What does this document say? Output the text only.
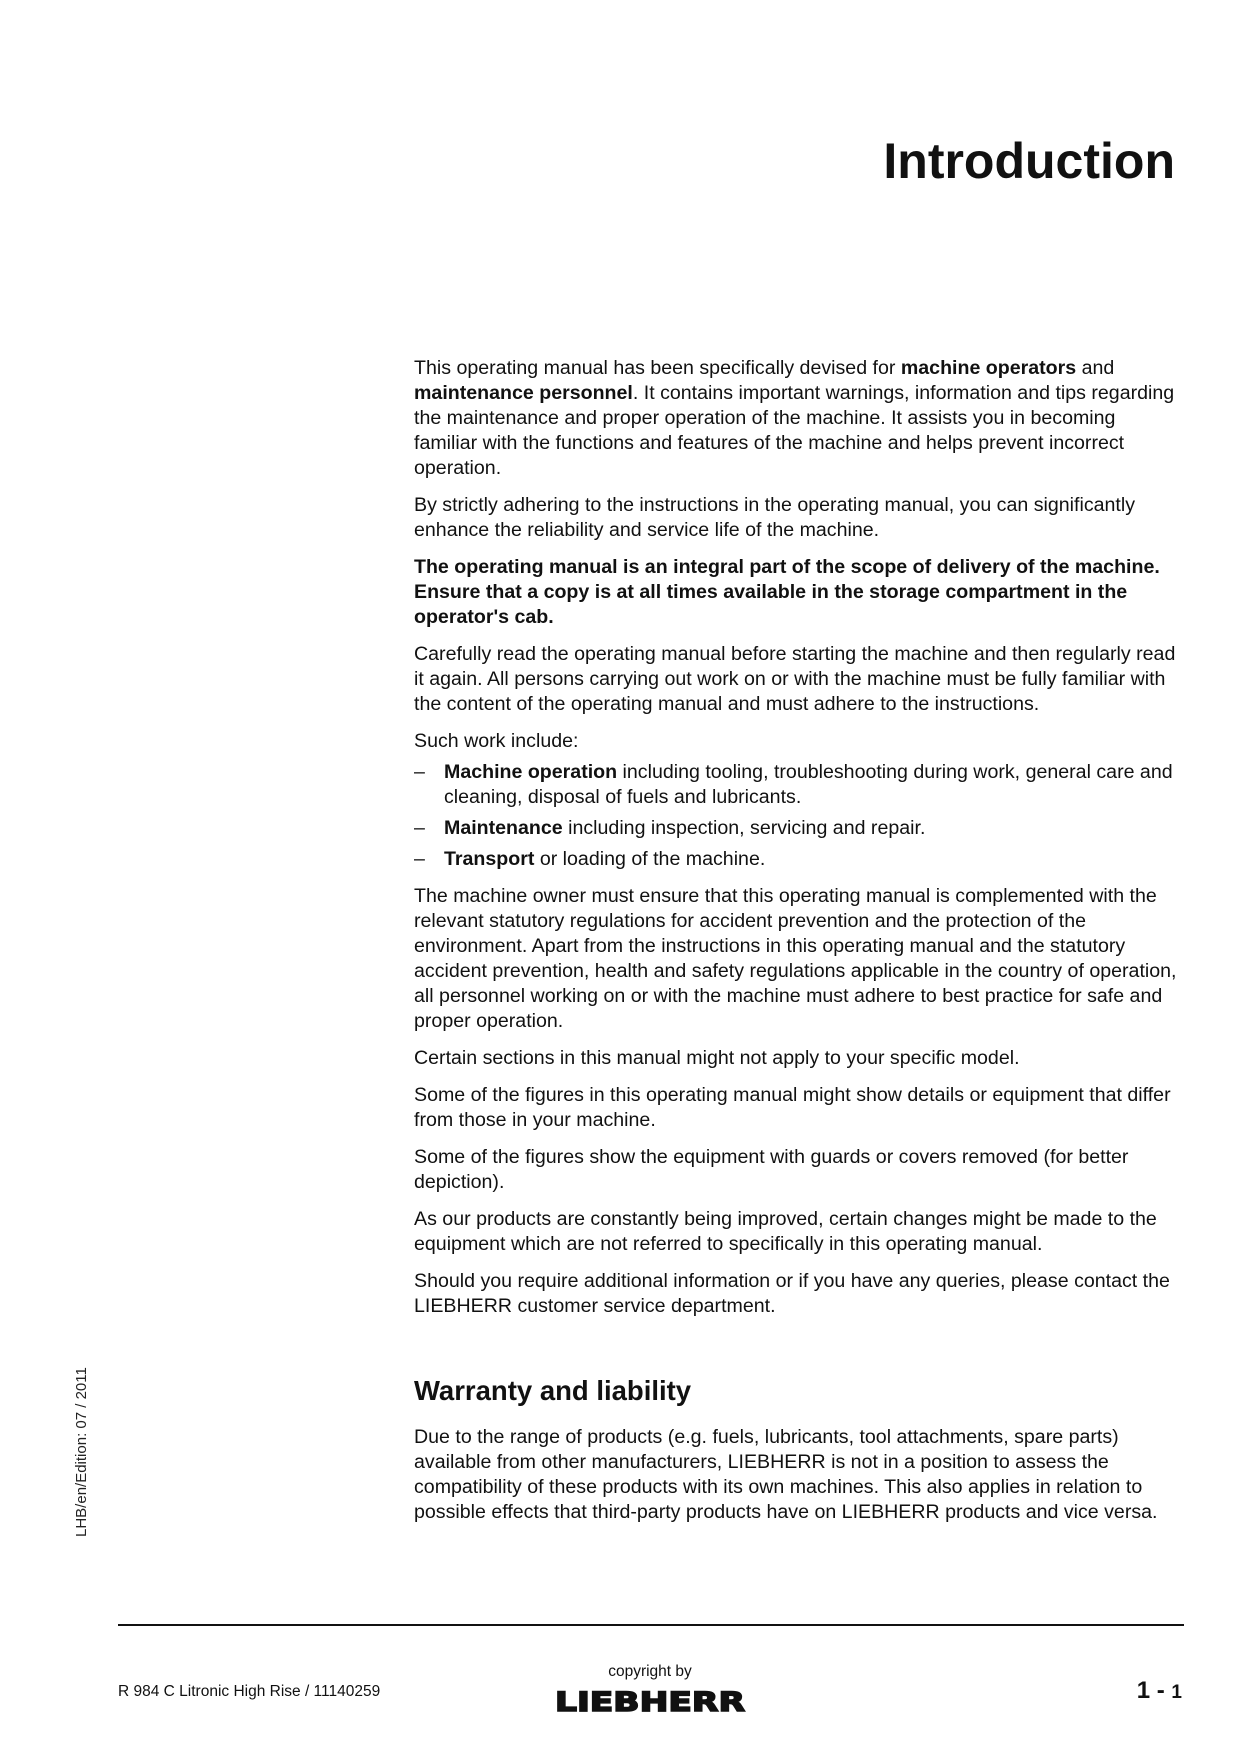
Introduction
LHB/en/Edition: 07 / 2011

This operating manual has been specifically devised for machine operators and maintenance personnel. It contains important warnings, information and tips regarding the maintenance and proper operation of the machine. It assists you in becoming familiar with the functions and features of the machine and helps prevent incorrect operation.

By strictly adhering to the instructions in the operating manual, you can significantly enhance the reliability and service life of the machine.

The operating manual is an integral part of the scope of delivery of the machine. Ensure that a copy is at all times available in the storage compartment in the operator's cab.

Carefully read the operating manual before starting the machine and then regularly read it again. All persons carrying out work on or with the machine must be fully familiar with the content of the operating manual and must adhere to the instructions.

Such work include:

– Machine operation including tooling, troubleshooting during work, general care and cleaning, disposal of fuels and lubricants.
– Maintenance including inspection, servicing and repair.
– Transport or loading of the machine.

The machine owner must ensure that this operating manual is complemented with the relevant statutory regulations for accident prevention and the protection of the environment. Apart from the instructions in this operating manual and the statutory accident prevention, health and safety regulations applicable in the country of operation, all personnel working on or with the machine must adhere to best practice for safe and proper operation.

Certain sections in this manual might not apply to your specific model.

Some of the figures in this operating manual might show details or equipment that differ from those in your machine.

Some of the figures show the equipment with guards or covers removed (for better depiction).

As our products are constantly being improved, certain changes might be made to the equipment which are not referred to specifically in this operating manual.

Should you require additional information or if you have any queries, please contact the LIEBHERR customer service department.

Warranty and liability

Due to the range of products (e.g. fuels, lubricants, tool attachments, spare parts) available from other manufacturers, LIEBHERR is not in a position to assess the compatibility of these products with its own machines. This also applies in relation to possible effects that third-party products have on LIEBHERR products and vice versa.

R 984 C Litronic High Rise / 11140259
copyright by
LIEBHERR	1 - 1
